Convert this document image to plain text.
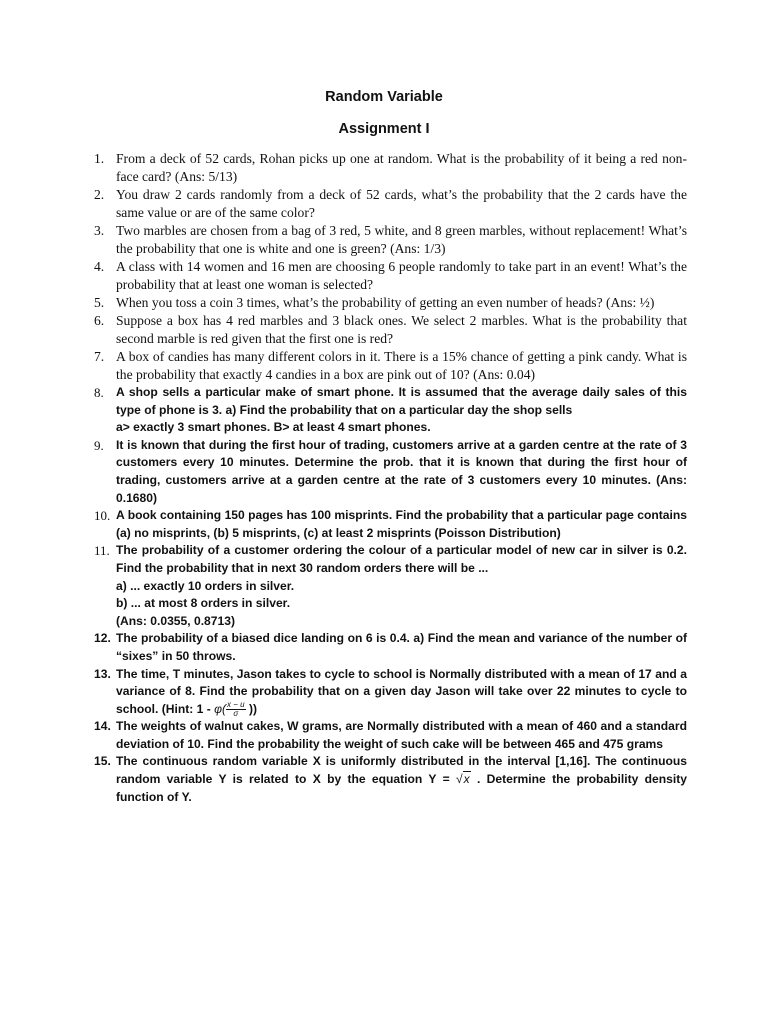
Random Variable
Assignment I
1. From a deck of 52 cards, Rohan picks up one at random. What is the probability of it being a red non-face card? (Ans: 5/13)
2. You draw 2 cards randomly from a deck of 52 cards, what’s the probability that the 2 cards have the same value or are of the same color?
3. Two marbles are chosen from a bag of 3 red, 5 white, and 8 green marbles, without replacement! What’s the probability that one is white and one is green? (Ans: 1/3)
4. A class with 14 women and 16 men are choosing 6 people randomly to take part in an event! What’s the probability that at least one woman is selected?
5. When you toss a coin 3 times, what’s the probability of getting an even number of heads? (Ans: ½)
6. Suppose a box has 4 red marbles and 3 black ones. We select 2 marbles. What is the probability that second marble is red given that the first one is red?
7. A box of candies has many different colors in it. There is a 15% chance of getting a pink candy. What is the probability that exactly 4 candies in a box are pink out of 10? (Ans: 0.04)
8.	A shop sells a particular make of smart phone. It is assumed that the average daily sales of this type of phone is 3. a) Find the probability that on a particular day the shop sells
a> exactly 3 smart phones. B> at least 4 smart phones.
9.	It is known that during the first hour of trading, customers arrive at a garden centre at the rate of 3 customers every 10 minutes. Determine the prob. that it is known that during the first hour of trading, customers arrive at a garden centre at the rate of 3 customers every 10 minutes. (Ans: 0.1680)
10. A book containing 150 pages has 100 misprints. Find the probability that a particular page contains (a) no misprints, (b) 5 misprints, (c) at least 2 misprints (Poisson Distribution)
11. The probability of a customer ordering the colour of a particular model of new car in silver is 0.2. Find the probability that in next 30 random orders there will be ...
a) ... exactly 10 orders in silver.
b) ... at most 8 orders in silver.
(Ans: 0.0355, 0.8713)
12. The probability of a biased dice landing on 6 is 0.4. a) Find the mean and variance of the number of “sixes” in 50 throws.
13. The time, T minutes, Jason takes to cycle to school is Normally distributed with a mean of 17 and a variance of 8. Find the probability that on a given day Jason will take over 22 minutes to cycle to school. (Hint: $1 - \varphi( \frac{x - u}{\sigma}$ ))
14. The weights of walnut cakes, W grams, are Normally distributed with a mean of 460 and a standard deviation of 10. Find the probability the weight of such cake will be between 465 and 475 grams
15. The continuous random variable X is uniformly distributed in the interval [1,16]. The continuous random variable Y is related to X by the equation Y = √x . Determine the probability density function of Y.
